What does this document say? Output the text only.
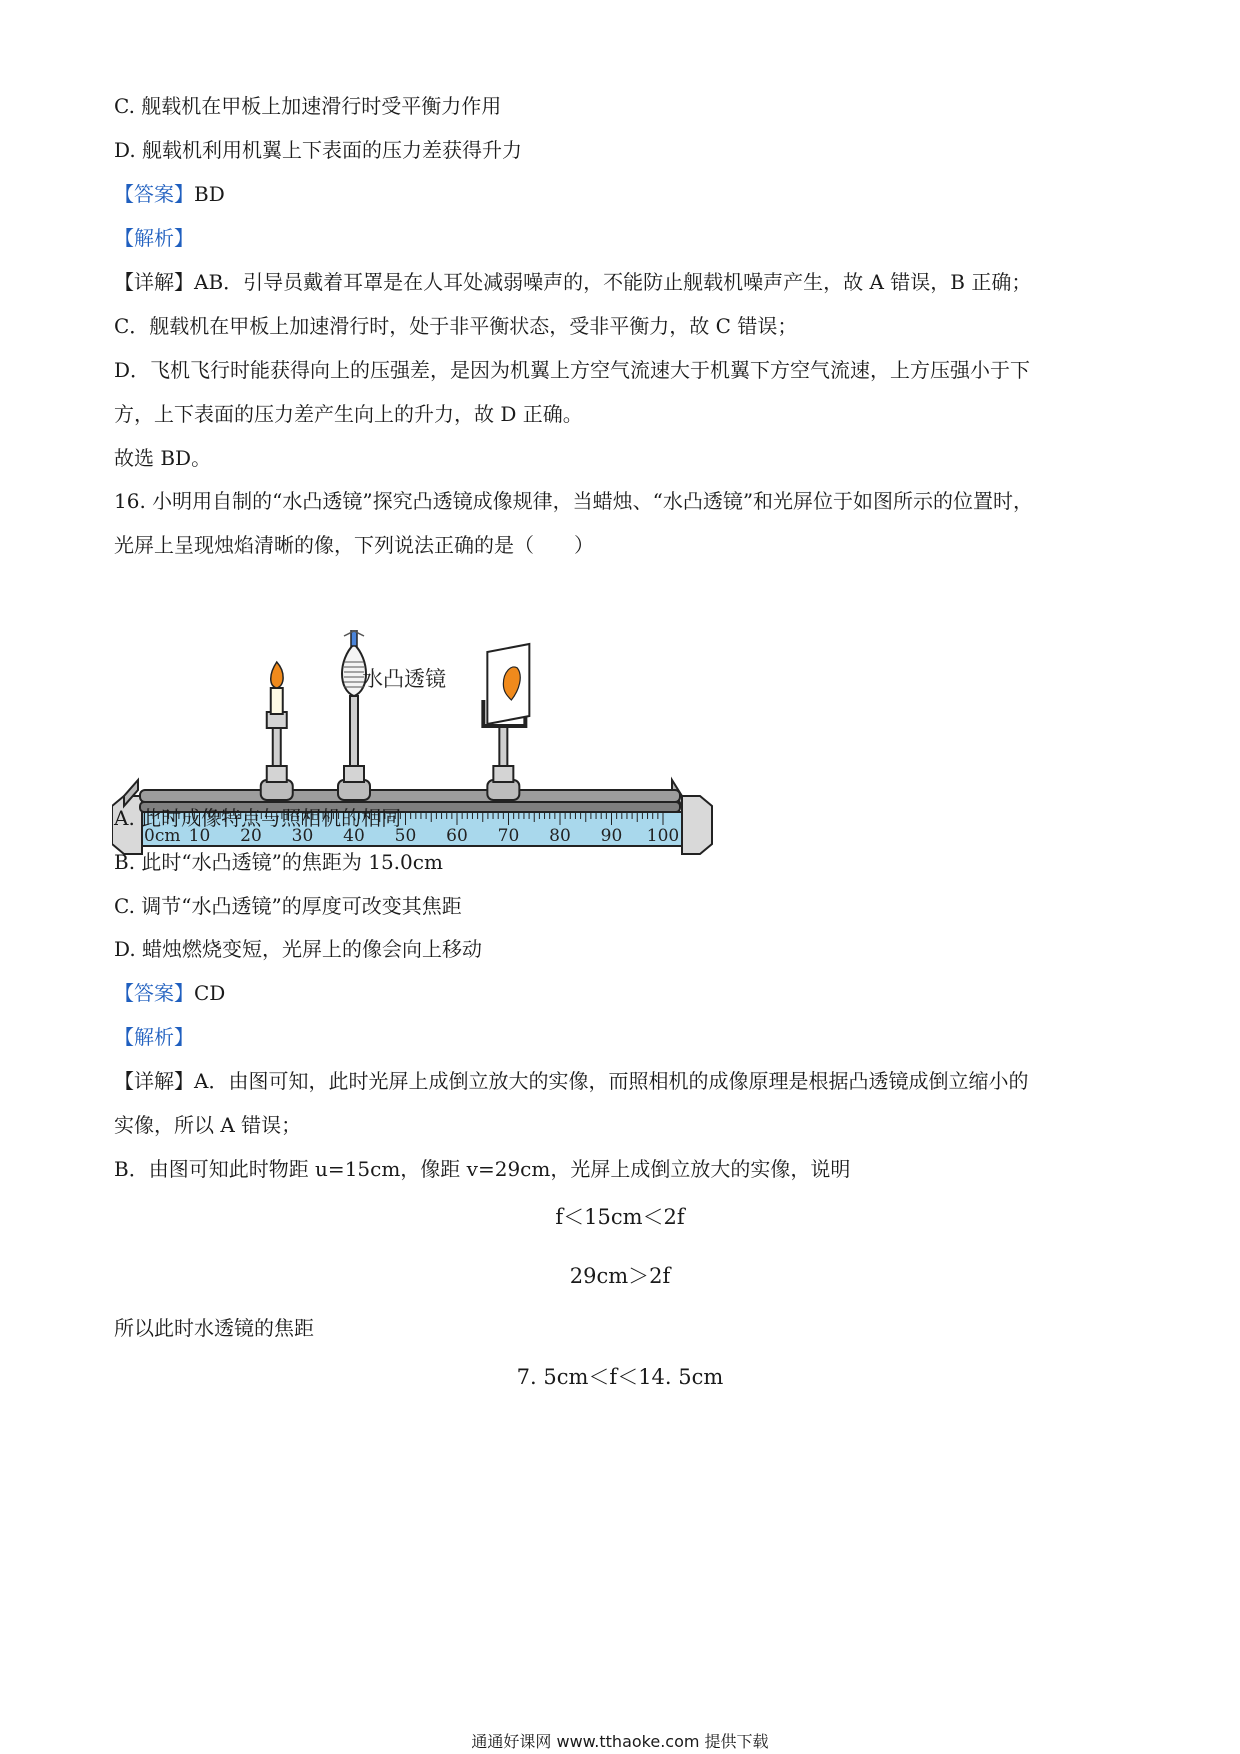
C. 舰载机在甲板上加速滑行时受平衡力作用
D. 舰载机利用机翼上下表面的压力差获得升力
【答案】BD
【解析】
【详解】AB．引导员戴着耳罩是在人耳处减弱噪声的，不能防止舰载机噪声产生，故 A 错误，B 正确；
C．舰载机在甲板上加速滑行时，处于非平衡状态，受非平衡力，故 C 错误；
D．飞机飞行时能获得向上的压强差，是因为机翼上方空气流速大于机翼下方空气流速，上方压强小于下
方，上下表面的压力差产生向上的升力，故 D 正确。
故选 BD。
16. 小明用自制的“水凸透镜”探究凸透镜成像规律，当蜡烛、“水凸透镜”和光屏位于如图所示的位置时，
光屏上呈现烛焰清晰的像，下列说法正确的是（　　）
0cm 10 20 30 40 50 60 70 80 90 100
水凸透镜
A. 此时成像特点与照相机的相同
B. 此时“水凸透镜”的焦距为 15.0cm
C. 调节“水凸透镜”的厚度可改变其焦距
D. 蜡烛燃烧变短，光屏上的像会向上移动
【答案】CD
【解析】
【详解】A．由图可知，此时光屏上成倒立放大的实像，而照相机的成像原理是根据凸透镜成倒立缩小的
实像，所以 A 错误；
B．由图可知此时物距 u=15cm，像距 v=29cm，光屏上成倒立放大的实像，说明
f＜15cm＜2f
29cm＞2f
所以此时水透镜的焦距
7. 5cm＜f＜14. 5cm
通通好课网 www.tthaoke.com 提供下载
